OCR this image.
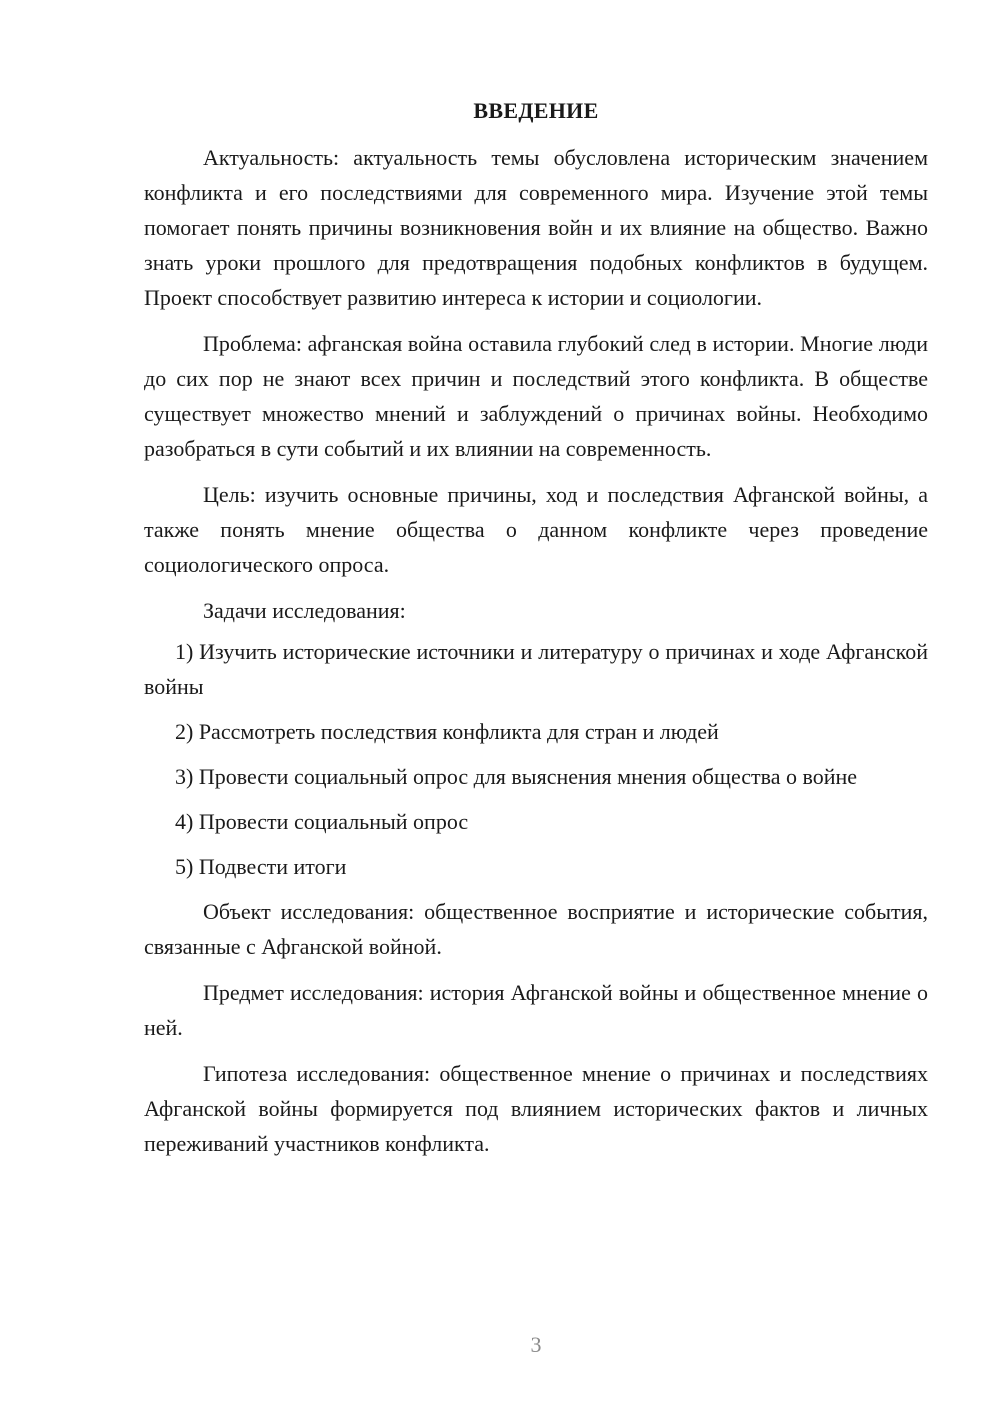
ВВЕДЕНИЕ

Актуальность: актуальность темы обусловлена историческим значением конфликта и его последствиями для современного мира. Изучение этой темы помогает понять причины возникновения войн и их влияние на общество. Важно знать уроки прошлого для предотвращения подобных конфликтов в будущем. Проект способствует развитию интереса к истории и социологии.

Проблема: афганская война оставила глубокий след в истории. Многие люди до сих пор не знают всех причин и последствий этого конфликта. В обществе существует множество мнений и заблуждений о причинах войны. Необходимо разобраться в сути событий и их влиянии на современность.

Цель: изучить основные причины, ход и последствия Афганской войны, а также понять мнение общества о данном конфликте через проведение социологического опроса.

Задачи исследования:

1) Изучить исторические источники и литературу о причинах и ходе Афганской войны

2) Рассмотреть последствия конфликта для стран и людей

3) Провести социальный опрос для выяснения мнения общества о войне

4) Провести социальный опрос

5) Подвести итоги

Объект исследования: общественное восприятие и исторические события, связанные с Афганской войной.

Предмет исследования: история Афганской войны и общественное мнение о ней.

Гипотеза исследования: общественное мнение о причинах и последствиях Афганской войны формируется под влиянием исторических фактов и личных переживаний участников конфликта.

3
